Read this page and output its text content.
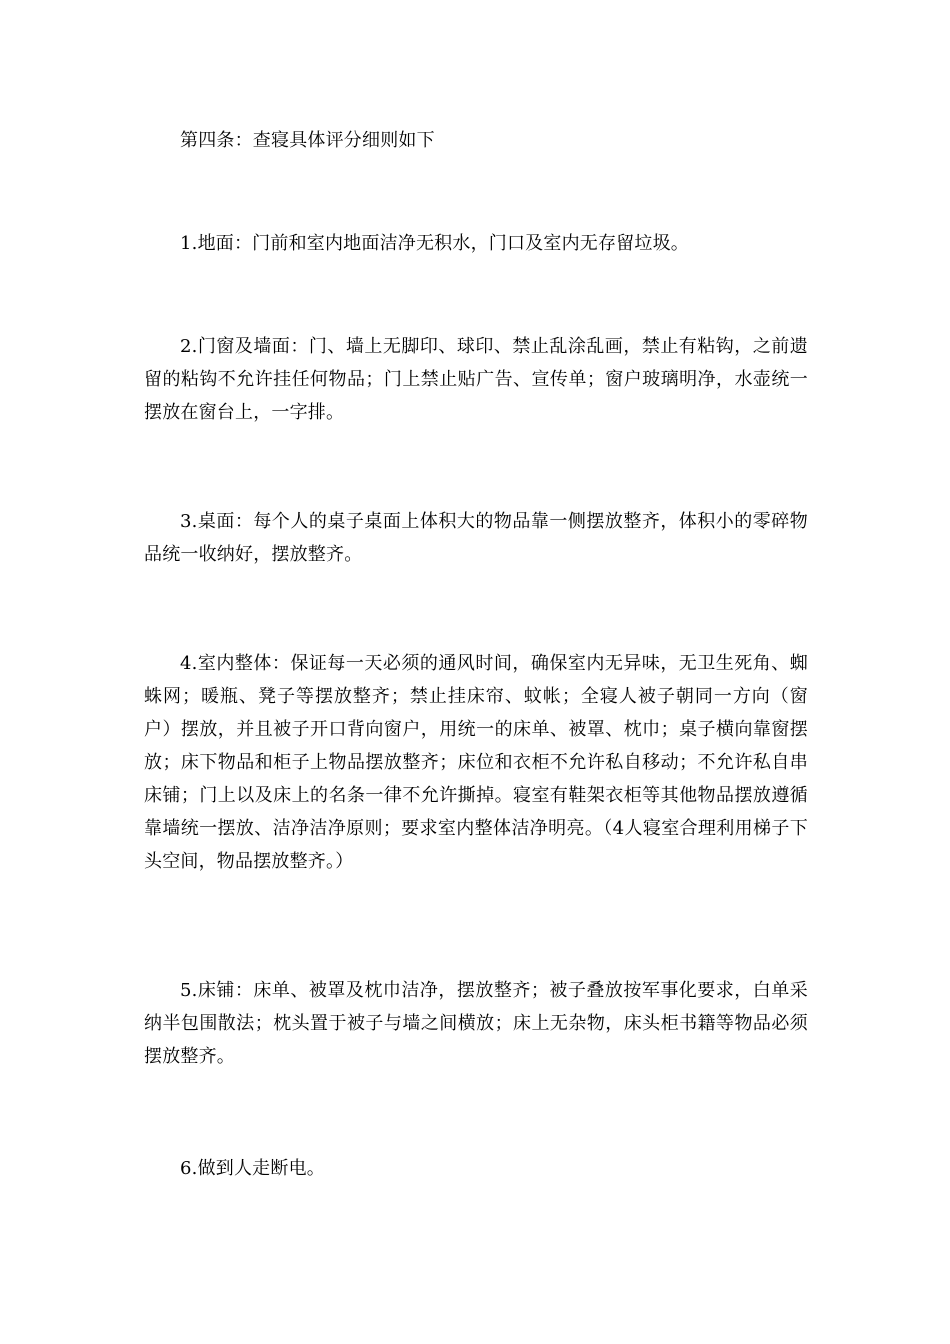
第四条：查寝具体评分细则如下

1.地面：门前和室内地面洁净无积水，门口及室内无存留垃圾。

2.门窗及墙面：门、墙上无脚印、球印、禁止乱涂乱画，禁止有粘钩，之前遗留的粘钩不允许挂任何物品；门上禁止贴广告、宣传单；窗户玻璃明净，水壶统一摆放在窗台上，一字排。

3.桌面：每个人的桌子桌面上体积大的物品靠一侧摆放整齐，体积小的零碎物品统一收纳好，摆放整齐。

4.室内整体：保证每一天必须的通风时间，确保室内无异味，无卫生死角、蜘蛛网；暖瓶、凳子等摆放整齐；禁止挂床帘、蚊帐；全寝人被子朝同一方向（窗户）摆放，并且被子开口背向窗户，用统一的床单、被罩、枕巾；桌子横向靠窗摆放；床下物品和柜子上物品摆放整齐；床位和衣柜不允许私自移动；不允许私自串床铺；门上以及床上的名条一律不允许撕掉。寝室有鞋架衣柜等其他物品摆放遵循靠墙统一摆放、洁净洁净原则；要求室内整体洁净明亮。（4人寝室合理利用梯子下头空间，物品摆放整齐。）

5.床铺：床单、被罩及枕巾洁净，摆放整齐；被子叠放按军事化要求，白单采纳半包围散法；枕头置于被子与墙之间横放；床上无杂物，床头柜书籍等物品必须摆放整齐。

6.做到人走断电。
